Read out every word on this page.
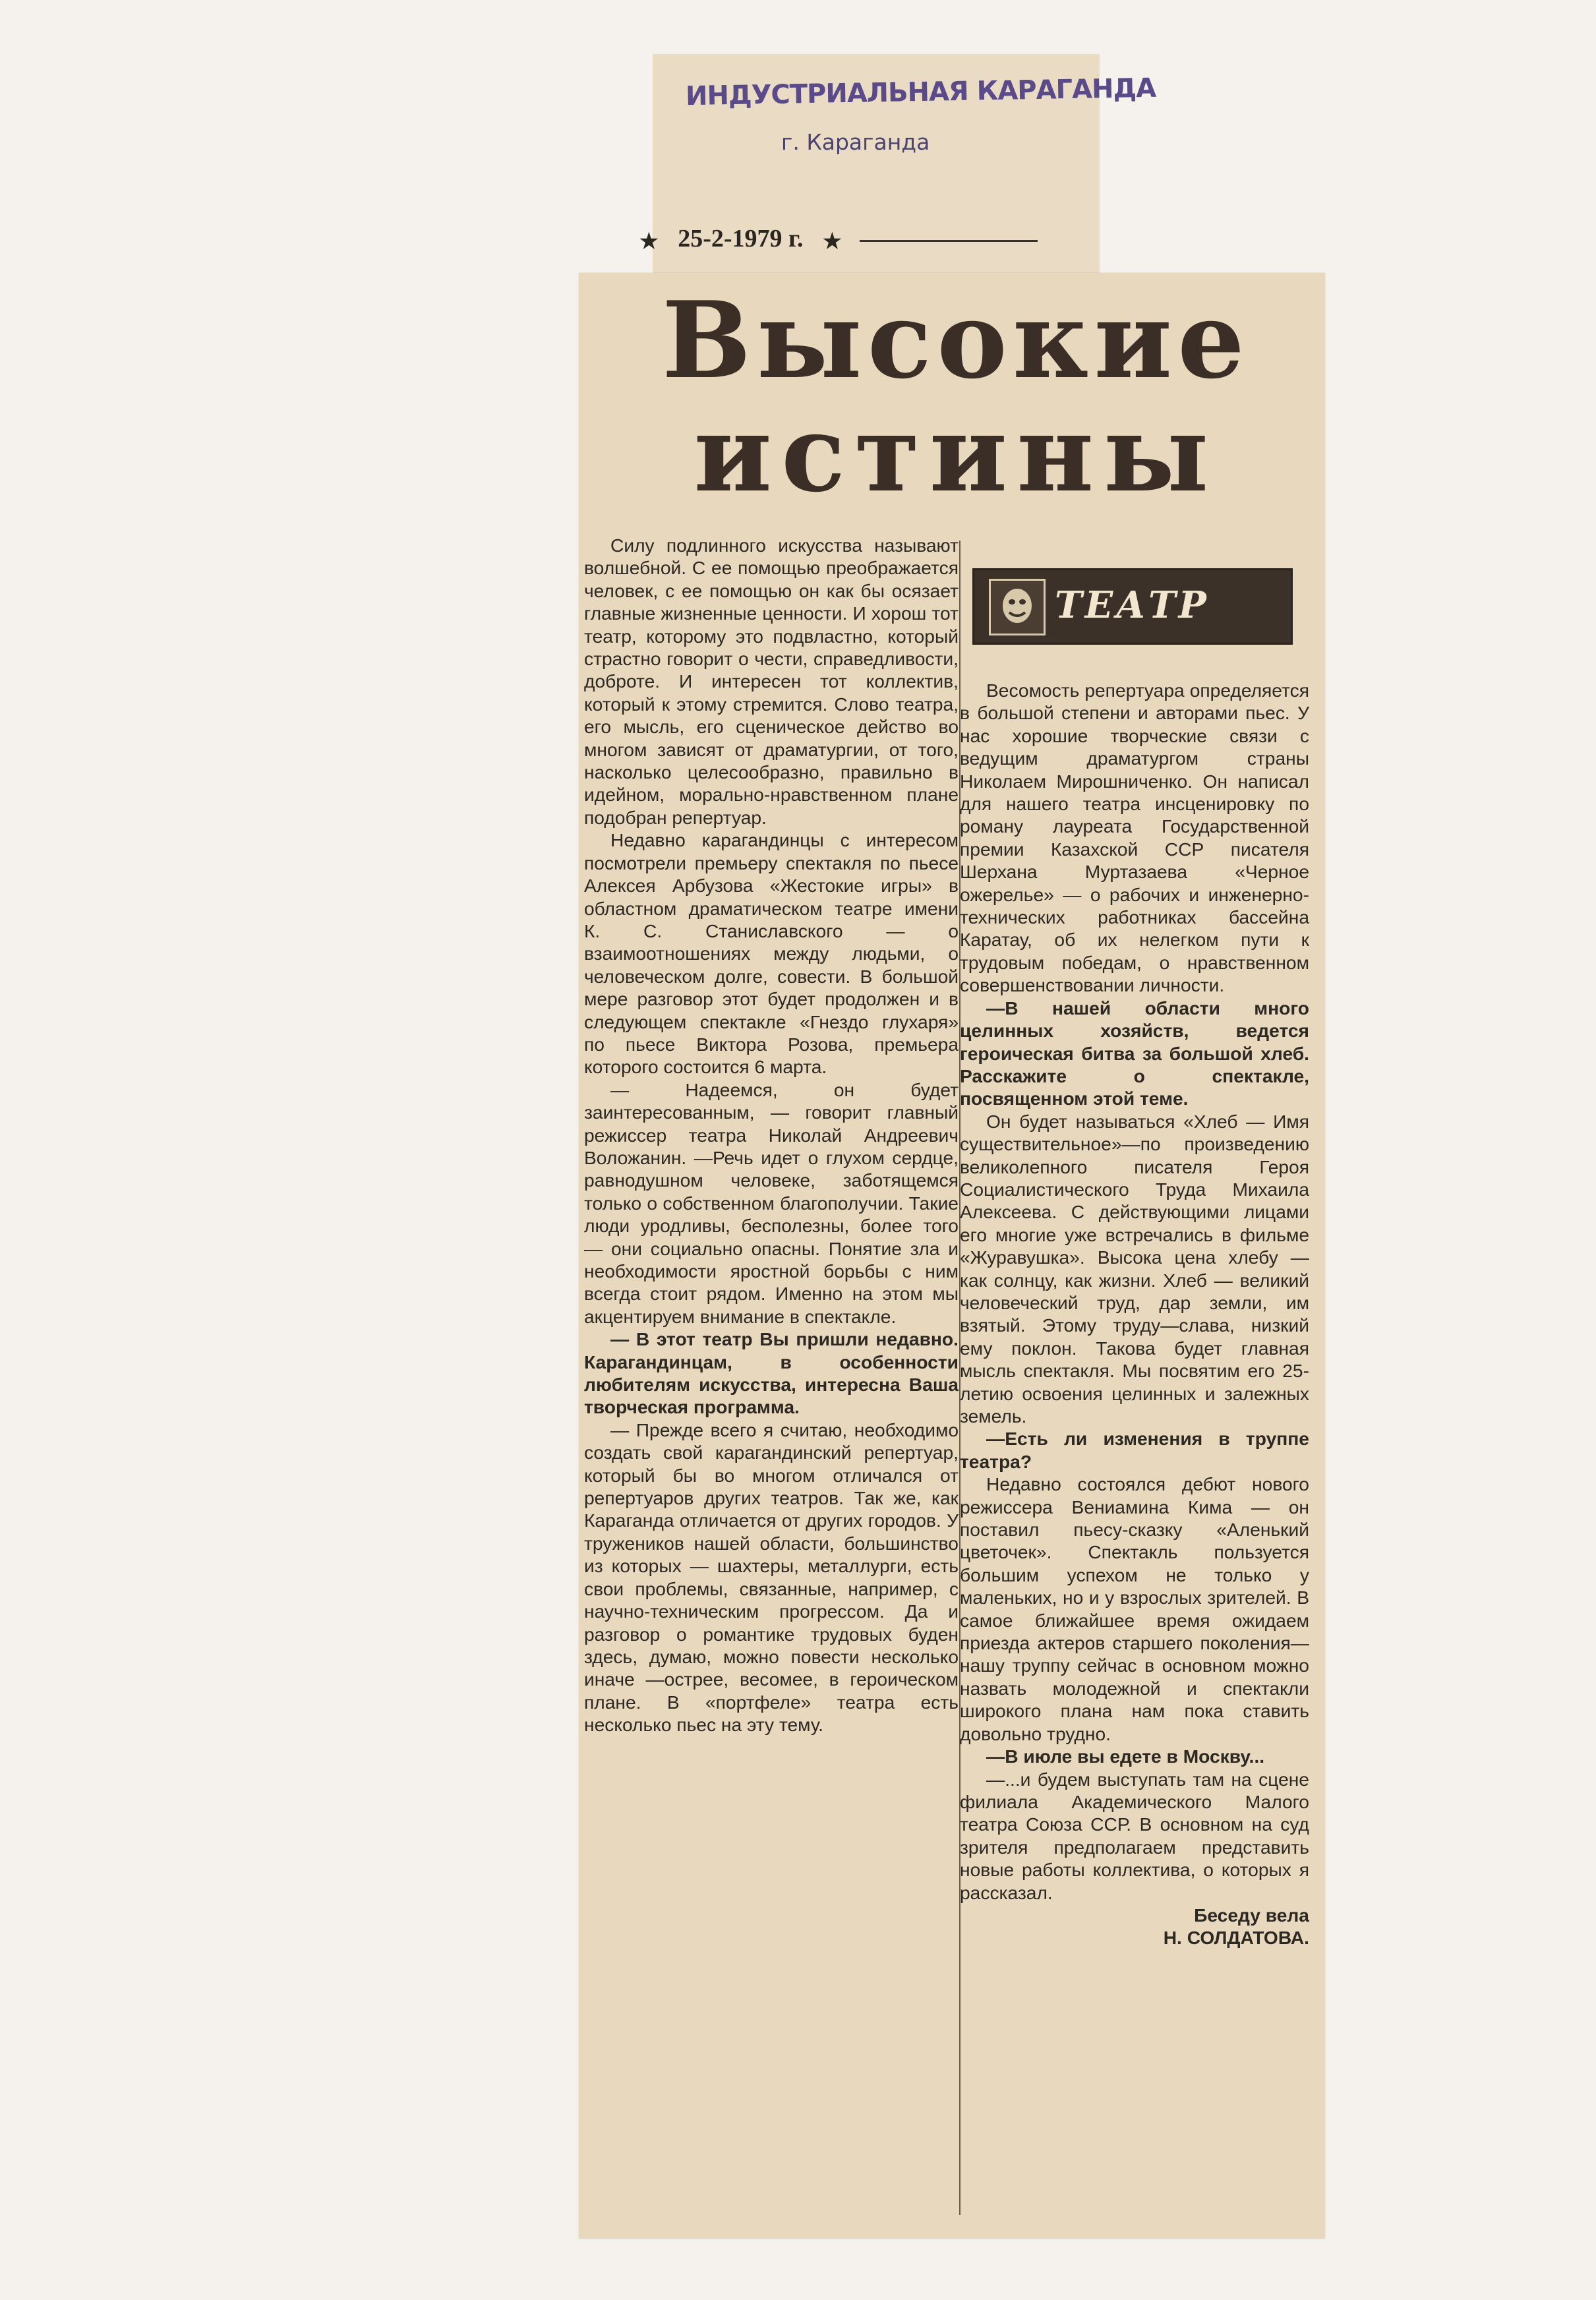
ИНДУСТРИАЛЬНАЯ КАРАГАНДА
г. Караганда
★ 25-2-1979 г. ★
Высокие
истины
ТЕАТР

Силу подлинного искусства называют волшебной. С ее помощью преображается человек, с ее помощью он как бы осязает главные жизненные ценности. И хорош тот театр, которому это подвластно, который страстно говорит о чести, справедливости, доброте. И интересен тот коллектив, который к этому стремится. Слово театра, его мысль, его сценическое действо во многом зависят от драматургии, от того, насколько целесообразно, правильно в идейном, морально-нравственном плане подобран репертуар.

Недавно карагандинцы с интересом посмотрели премьеру спектакля по пьесе Алексея Арбузова «Жестокие игры» в областном драматическом театре имени К. С. Станиславского — о взаимоотношениях между людьми, о человеческом долге, совести. В большой мере разговор этот будет продолжен и в следующем спектакле «Гнездо глухаря» по пьесе Виктора Розова, премьера которого состоится 6 марта.

— Надеемся, он будет заинтересованным, — говорит главный режиссер театра Николай Андреевич Воложанин. —Речь идет о глухом сердце, равнодушном человеке, заботящемся только о собственном благополучии. Такие люди уродливы, бесполезны, более того — они социально опасны. Понятие зла и необходимости яростной борьбы с ним всегда стоит рядом. Именно на этом мы акцентируем внимание в спектакле.

— В этот театр Вы пришли недавно. Карагандинцам, в особенности любителям искусства, интересна Ваша творческая программа.

— Прежде всего я считаю, необходимо создать свой карагандинский репертуар, который бы во многом отличался от репертуаров других театров. Так же, как Караганда отличается от других городов. У тружеников нашей области, большинство из которых — шахтеры, металлурги, есть свои проблемы, связанные, например, с научно-техническим прогрессом. Да и разговор о романтике трудовых буден здесь, думаю, можно повести несколько иначе —острее, весомее, в героическом плане. В «портфеле» театра есть несколько пьес на эту тему.

Весомость репертуара определяется в большой степени и авторами пьес. У нас хорошие творческие связи с ведущим драматургом страны Николаем Мирошниченко. Он написал для нашего театра инсценировку по роману лауреата Государственной премии Казахской ССР писателя Шерхана Муртазаева «Черное ожерелье» — о рабочих и инженерно-технических работниках бассейна Каратау, об их нелегком пути к трудовым победам, о нравственном совершенствовании личности.

—В нашей области много целинных хозяйств, ведется героическая битва за большой хлеб. Расскажите о спектакле, посвященном этой теме.

Он будет называться «Хлеб — Имя существительное»—по произведению великолепного писателя Героя Социалистического Труда Михаила Алексеева. С действующими лицами его многие уже встречались в фильме «Журавушка». Высока цена хлебу — как солнцу, как жизни. Хлеб — великий человеческий труд, дар земли, им взятый. Этому труду—слава, низкий ему поклон. Такова будет главная мысль спектакля. Мы посвятим его 25-летию освоения целинных и залежных земель.

—Есть ли изменения в труппе театра?

Недавно состоялся дебют нового режиссера Вениамина Кима — он поставил пьесу-сказку «Аленький цветочек». Спектакль пользуется большим успехом не только у маленьких, но и у взрослых зрителей. В самое ближайшее время ожидаем приезда актеров старшего поколения— нашу труппу сейчас в основном можно назвать молодежной и спектакли широкого плана нам пока ставить довольно трудно.

—В июле вы едете в Москву...

—...и будем выступать там на сцене филиала Академического Малого театра Союза ССР. В основном на суд зрителя предполагаем представить новые работы коллектива, о которых я рассказал.

Беседу вела

Н. СОЛДАТОВА.
